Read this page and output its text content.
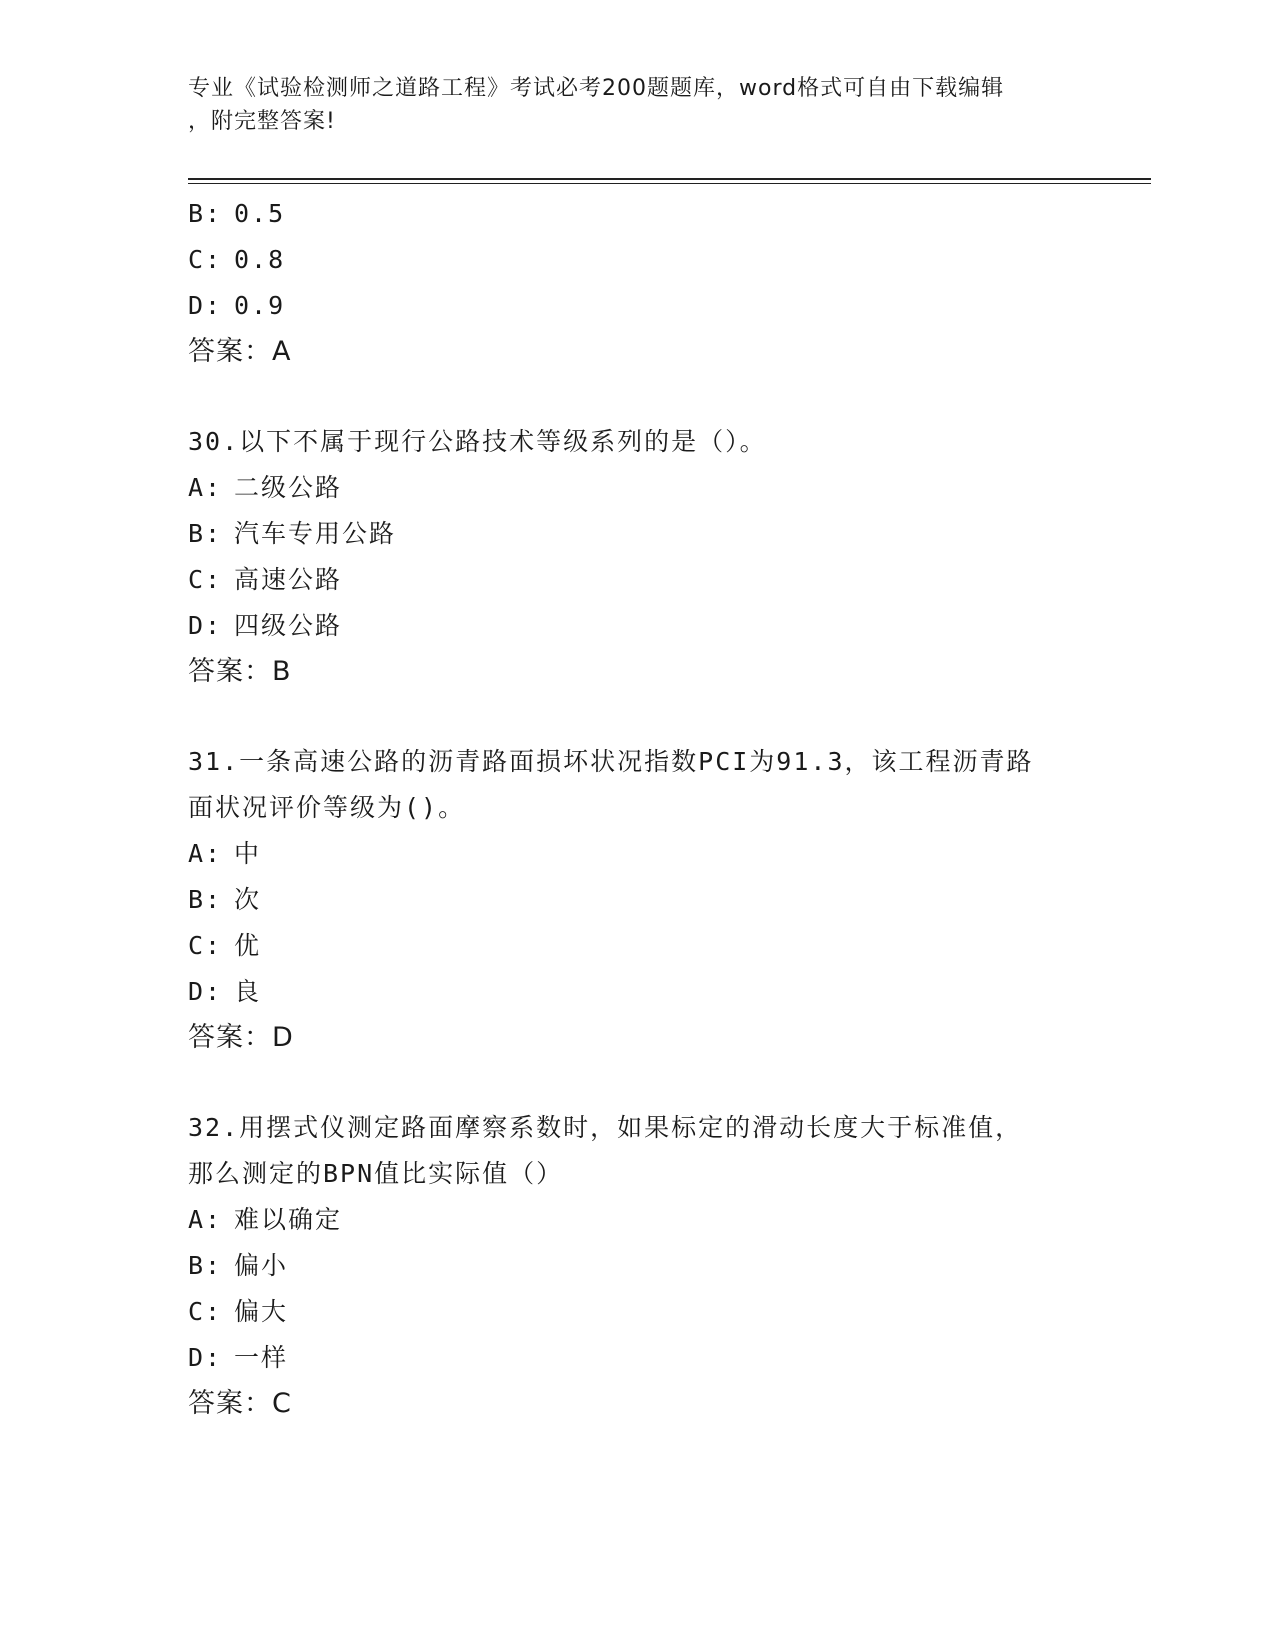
专业《试验检测师之道路工程》考试必考200题题库，word格式可自由下载编辑
，附完整答案!
B: 0.5
C: 0.8
D: 0.9
答案：A
30.以下不属于现行公路技术等级系列的是（）。
A: 二级公路
B: 汽车专用公路
C: 高速公路
D: 四级公路
答案：B
31.一条高速公路的沥青路面损坏状况指数PCI为91.3，该工程沥青路
面状况评价等级为()。
A: 中
B: 次
C: 优
D: 良
答案：D
32.用摆式仪测定路面摩察系数时，如果标定的滑动长度大于标准值，
那么测定的BPN值比实际值（）
A: 难以确定
B: 偏小
C: 偏大
D: 一样
答案：C
